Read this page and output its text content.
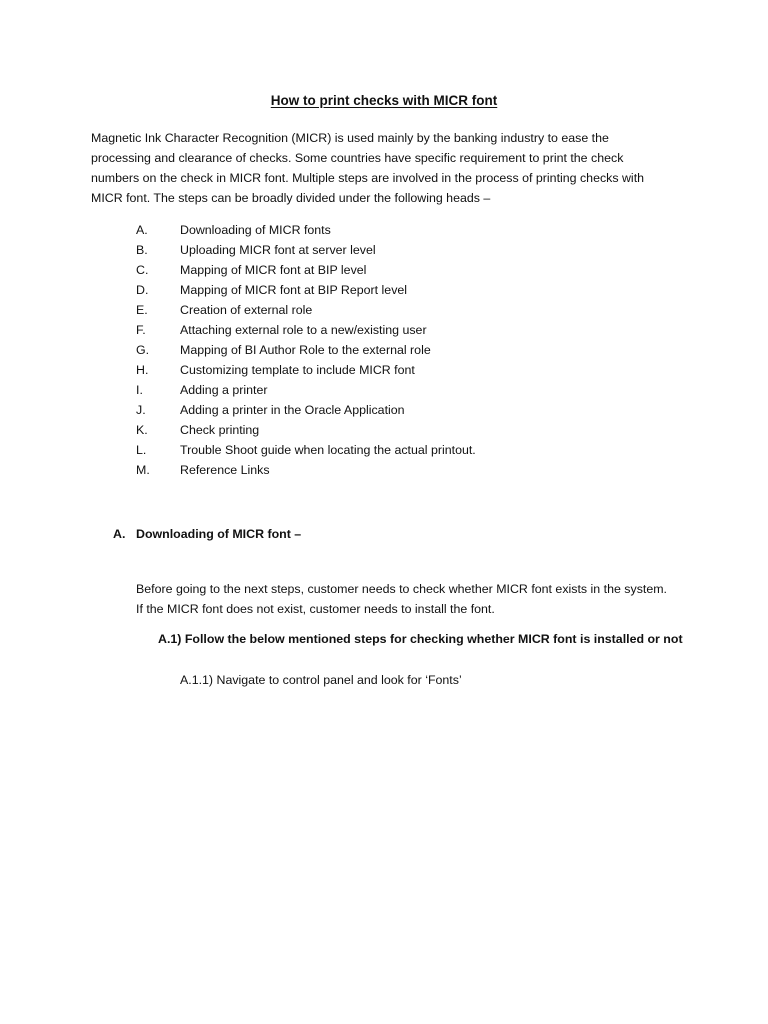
How to print checks with MICR font
Magnetic Ink Character Recognition (MICR) is used mainly by the banking industry to ease the
processing and clearance of checks. Some countries have specific requirement to print the check
numbers on the check in MICR font. Multiple steps are involved in the process of printing checks with
MICR font. The steps can be broadly divided under the following heads –
A.	Downloading of MICR fonts
B.	Uploading MICR font at server level
C.	Mapping of MICR font at BIP level
D.	Mapping of MICR font at BIP Report level
E.	Creation of external role
F.	Attaching external role to a new/existing user
G. Mapping of BI Author Role to the external role
H.	Customizing template to include MICR font
I.	Adding a printer
J.	Adding a printer in the Oracle Application
K.	Check printing
L.	Trouble Shoot guide when locating the actual printout.
M. Reference Links
A. Downloading of MICR font –
Before going to the next steps, customer needs to check whether MICR font exists in the system.
If the MICR font does not exist, customer needs to install the font.
A.1) Follow the below mentioned steps for checking whether MICR font is installed or not
A.1.1) Navigate to control panel and look for ‘Fonts’
